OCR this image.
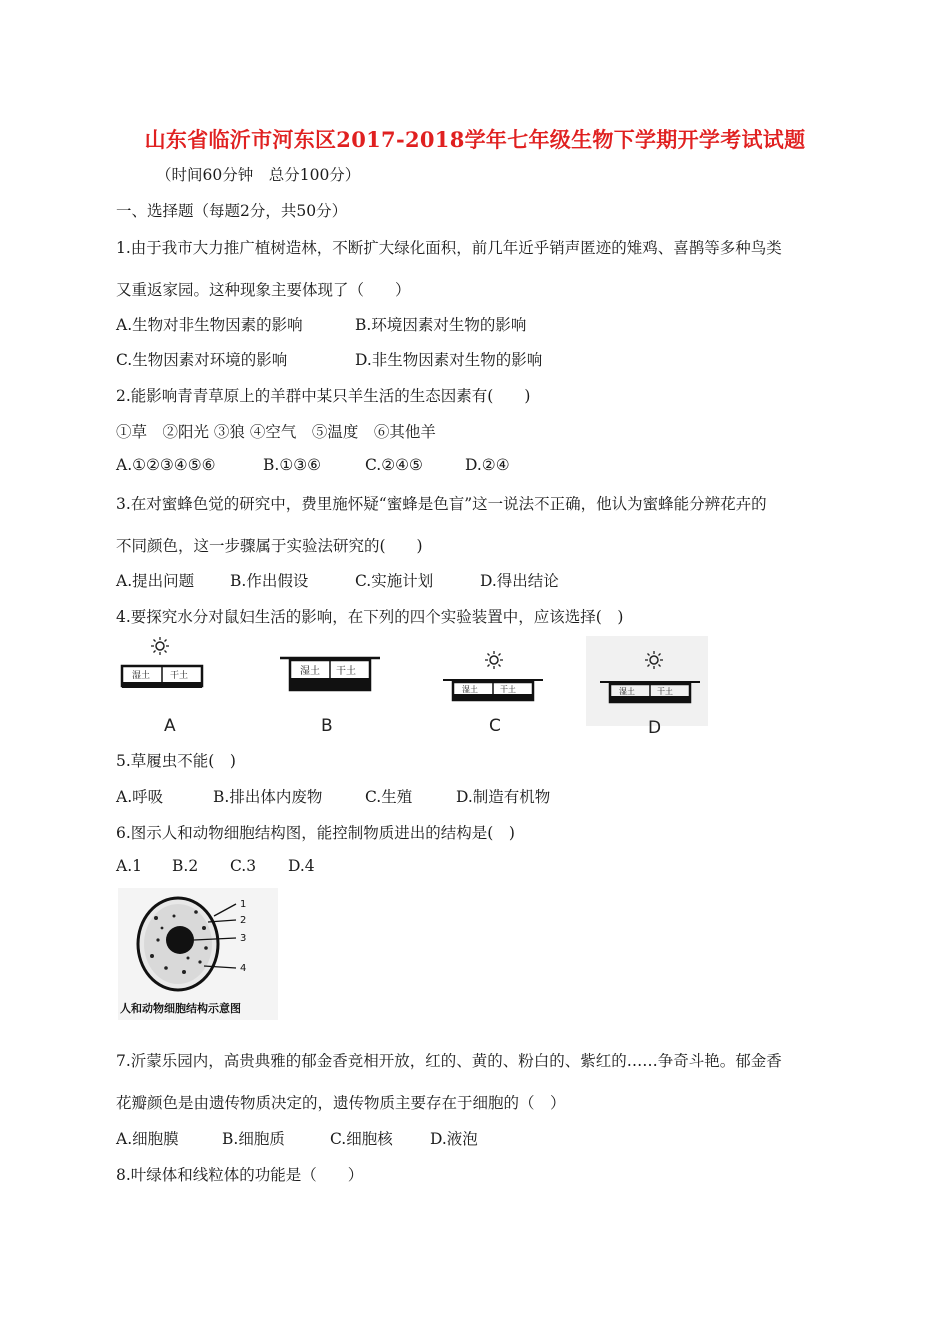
山东省临沂市河东区2017-2018学年七年级生物下学期开学考试试题
（时间60分钟　总分100分）
一、选择题（每题2分，共50分）
1.由于我市大力推广植树造林，不断扩大绿化面积，前几年近乎销声匿迹的雉鸡、喜鹊等多种鸟类
又重返家园。这种现象主要体现了（　　）
A.生物对非生物因素的影响	B.环境因素对生物的影响
C.生物因素对环境的影响	D.非生物因素对生物的影响
2.能影响青青草原上的羊群中某只羊生活的生态因素有(　　)
①草　②阳光 ③狼 ④空气　⑤温度　⑥其他羊
A.①②③④⑤⑥	B.①③⑥	C.②④⑤	D.②④
3.在对蜜蜂色觉的研究中，费里施怀疑“蜜蜂是色盲”这一说法不正确，他认为蜜蜂能分辨花卉的
不同颜色，这一步骤属于实验法研究的(　　)
A.提出问题 B.作出假设	C.实施计划	D.得出结论
4.要探究水分对鼠妇生活的影响，在下列的四个实验装置中，应该选择(　)
湿土 干土	湿土 干土
湿土	干土	湿土	干土
A	B	C	D
5.草履虫不能(　)
A.呼吸	B.排出体内废物	C.生殖	D.制造有机物
6.图示人和动物细胞结构图，能控制物质进出的结构是(　)
A.1 B.2 C.3 D.4
1
2
3
4
人和动物细胞结构示意图
7.沂蒙乐园内，高贵典雅的郁金香竞相开放，红的、黄的、粉白的、紫红的……争奇斗艳。郁金香
花瓣颜色是由遗传物质决定的，遗传物质主要存在于细胞的（　）
A.细胞膜	B.细胞质	C.细胞核 D.液泡
8.叶绿体和线粒体的功能是（　　）
